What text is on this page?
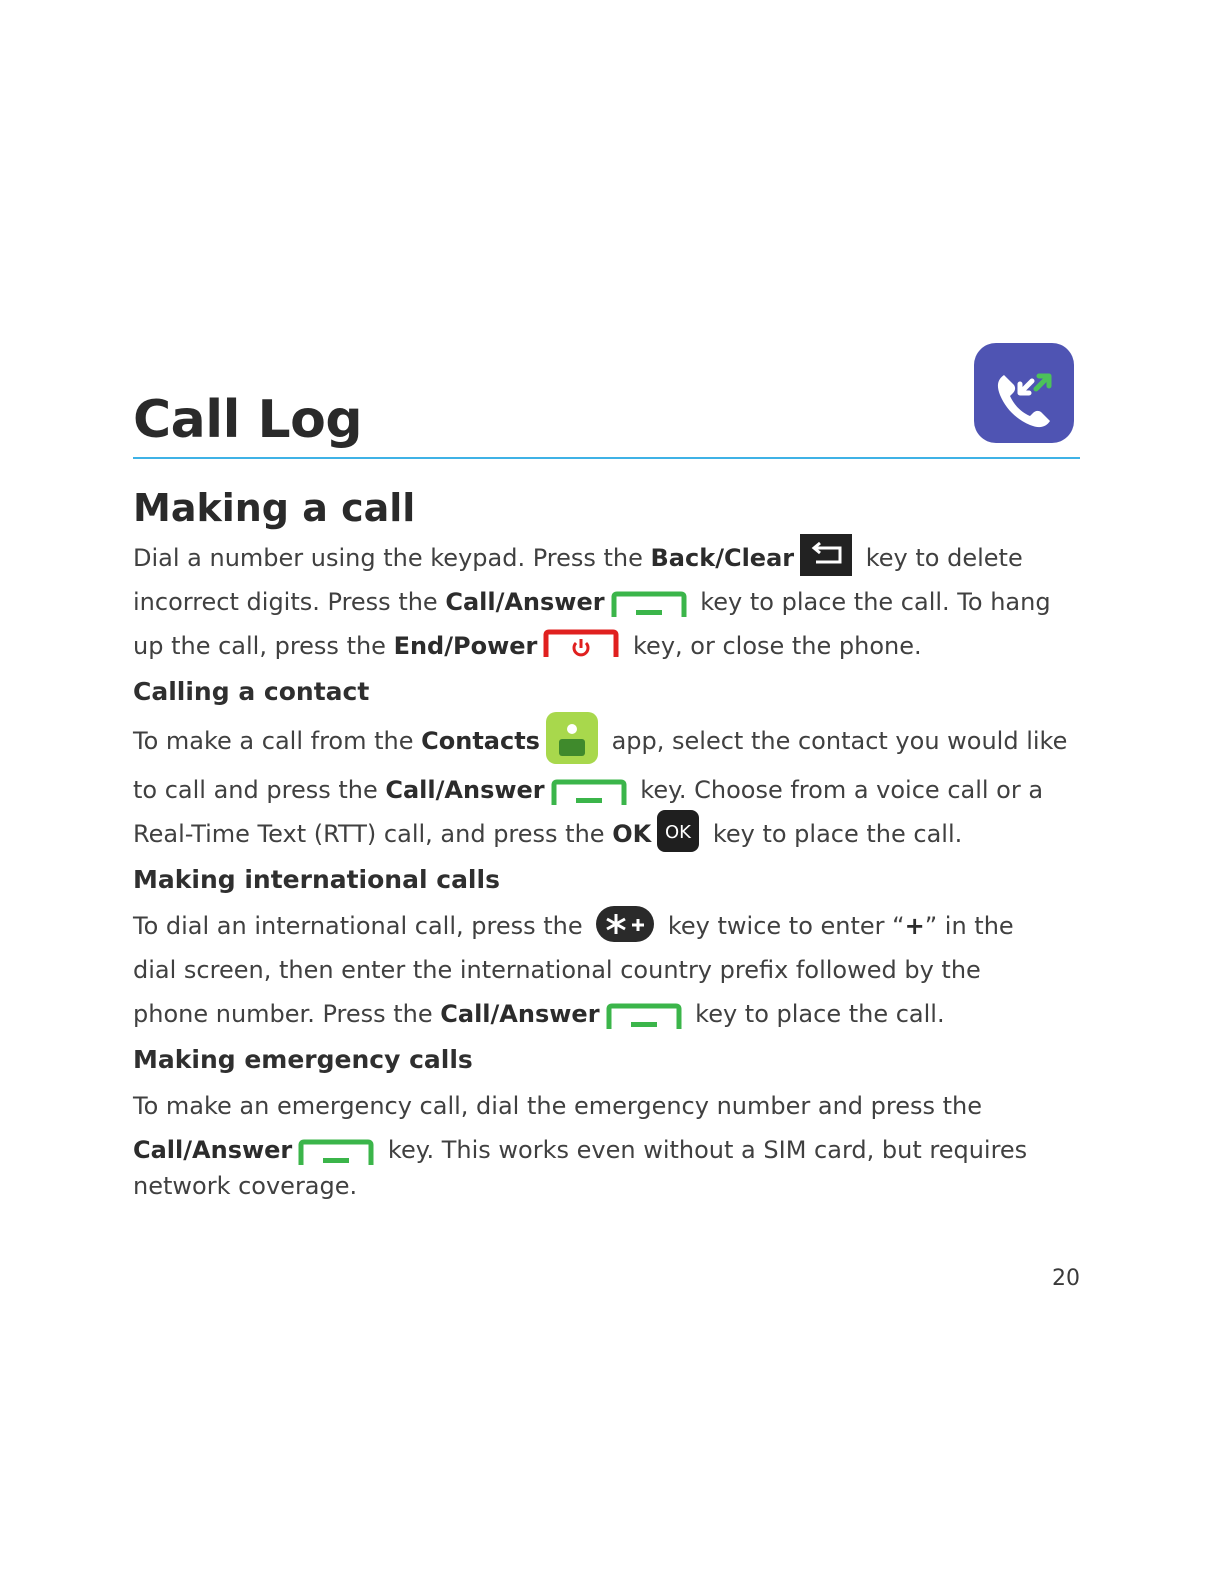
Call Log
Making a call

Dial a number using the keypad. Press the Back/Clear	key to delete incorrect digits. Press the Call/Answer	key to place the call. To hang up the call, press the End/Power	key, or close the phone.

Calling a contact

To make a call from the Contacts	app, select the contact you would like to call and press the Call/Answer	key. Choose from a voice call or a Real-Time Text (RTT) call, and press the OK OK key to place the call.

Making international calls

To dial an international call, press the	key twice to enter “+” in the dial screen, then enter the international country prefix followed by the phone number. Press the Call/Answer	key to place the call.

Making emergency calls

To make an emergency call, dial the emergency number and press the Call/Answer	key. This works even without a SIM card, but requires
network coverage.

20
